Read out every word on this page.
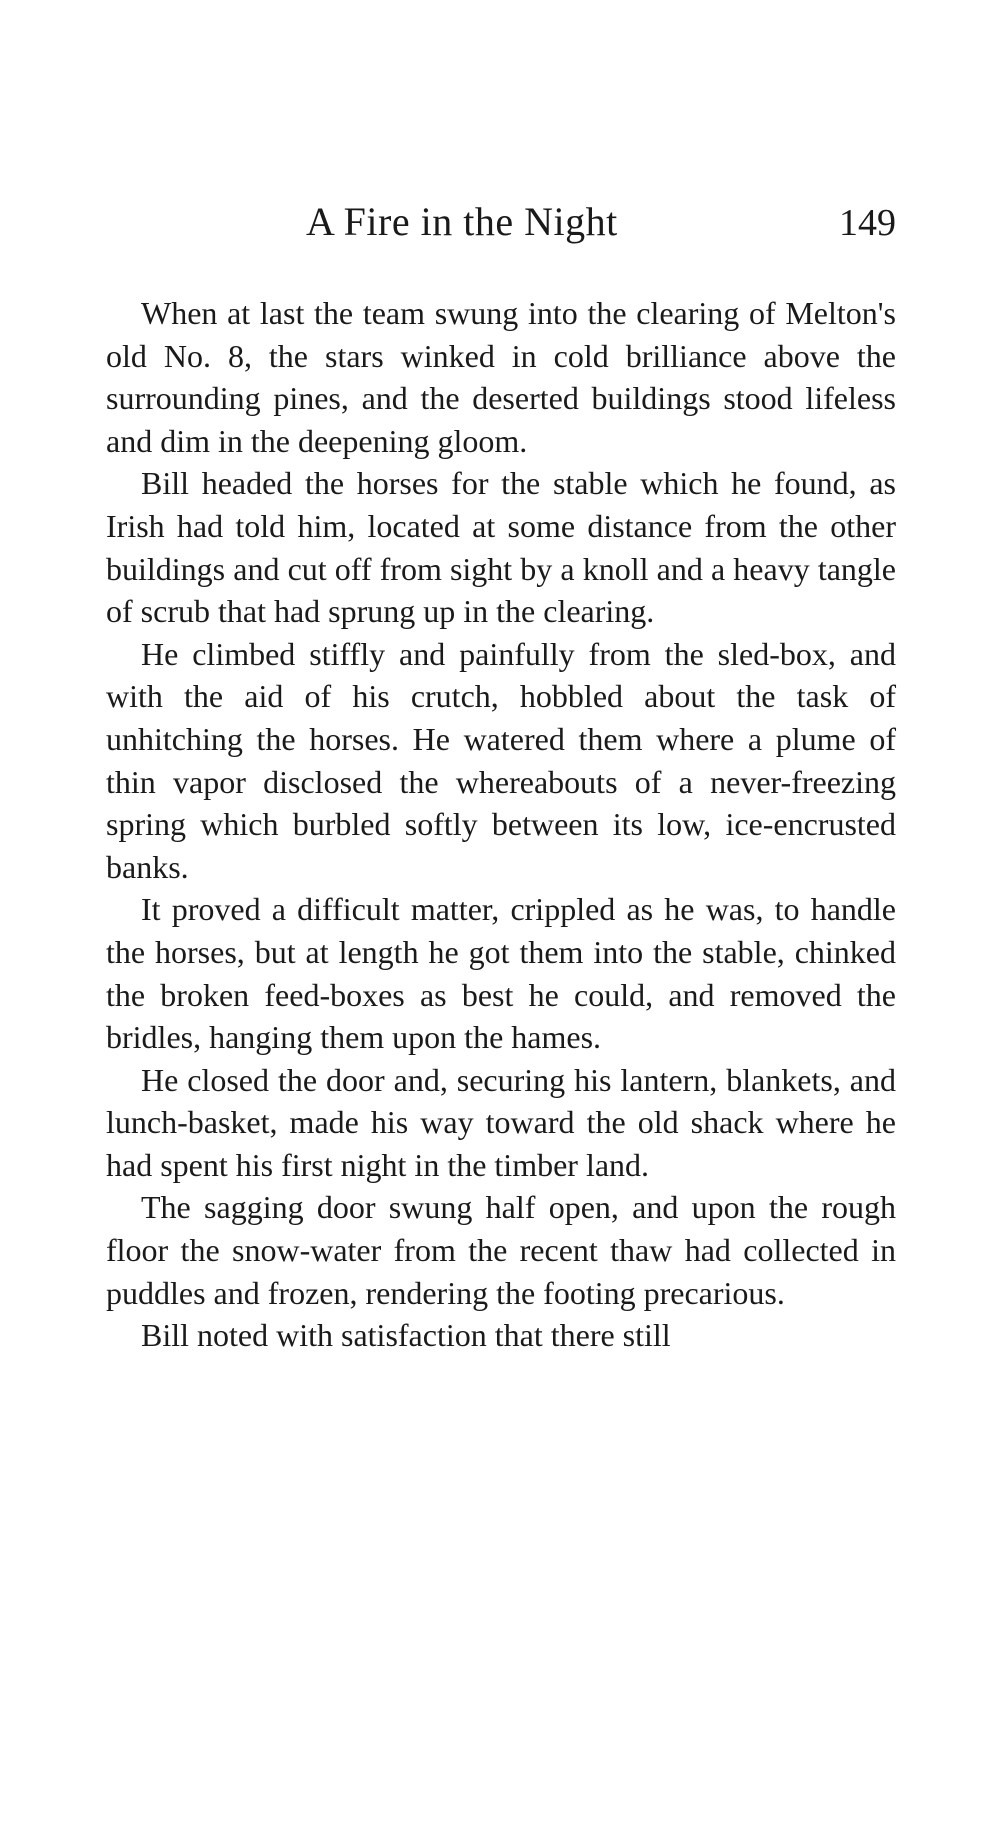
A Fire in the Night	149

When at last the team swung into the clearing of Melton's old No. 8, the stars winked in cold brilliance above the surrounding pines, and the deserted buildings stood lifeless and dim in the deepening gloom.

Bill headed the horses for the stable which he found, as Irish had told him, located at some distance from the other buildings and cut off from sight by a knoll and a heavy tangle of scrub that had sprung up in the clearing.

He climbed stiffly and painfully from the sled-box, and with the aid of his crutch, hobbled about the task of unhitching the horses. He watered them where a plume of thin vapor disclosed the whereabouts of a never-freezing spring which burbled softly between its low, ice-encrusted banks.

It proved a difficult matter, crippled as he was, to handle the horses, but at length he got them into the stable, chinked the broken feed-boxes as best he could, and removed the bridles, hanging them upon the hames.

He closed the door and, securing his lantern, blankets, and lunch-basket, made his way toward the old shack where he had spent his first night in the timber land.

The sagging door swung half open, and upon the rough floor the snow-water from the recent thaw had collected in puddles and frozen, rendering the footing precarious.

Bill noted with satisfaction that there still
